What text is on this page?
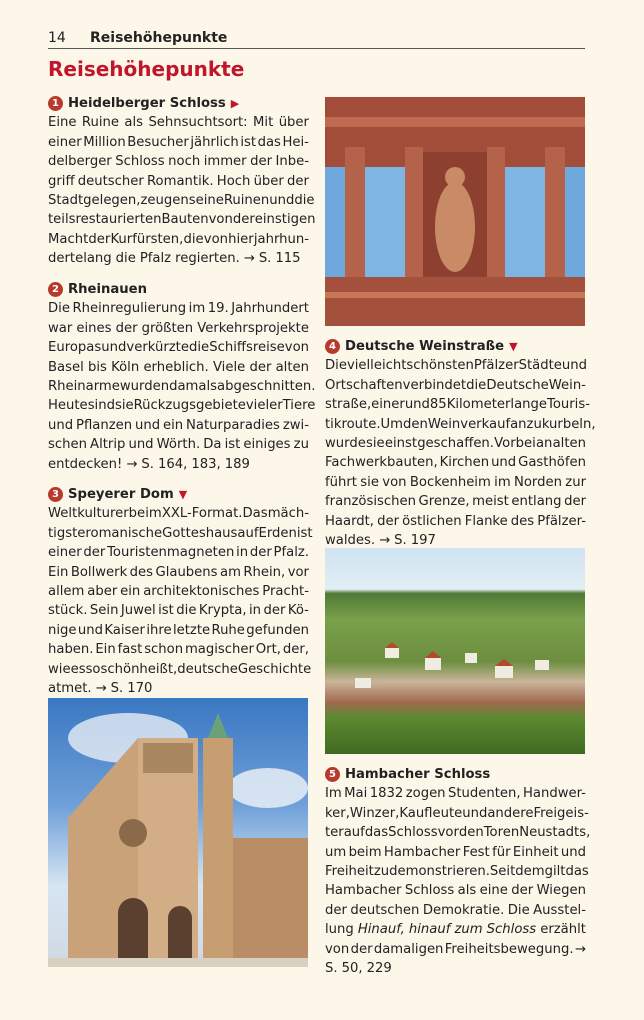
14 Reisehöhepunkte
Reisehöhepunkte
1 Heidelberger Schloss ▶
Eine Ruine als Sehnsuchtsort: Mit über
einer Million Besucher jährlich ist das Hei-
delberger Schloss noch immer der Inbe-
griff deutscher Romantik. Hoch über der
Stadt gelegen, zeugen seine Ruinen und die
teils restaurierten Bauten von der einstigen
Macht der Kurfürsten, die von hier jahrhun-
dertelang die Pfalz regierten. → S. 115
2 Rheinauen
Die Rheinregulierung im 19. Jahrhundert
war eines der größten Verkehrsprojekte
Europas und verkürzte die Schiffsreise von
Basel bis Köln erheblich. Viele der alten
Rheinarme wurden damals abgeschnitten.
Heute sind sie Rückzugsgebiete vieler Tiere
und Pflanzen und ein Naturparadies zwi-
schen Altrip und Wörth. Da ist einiges zu
entdecken! → S. 164, 183, 189
3 Speyerer Dom ▼
Weltkulturerbe im XXL-Format. Das mäch-
tigste romanische Gotteshaus auf Erden ist
einer der Touristenmagneten in der Pfalz.
Ein Bollwerk des Glaubens am Rhein, vor
allem aber ein architektonisches Pracht-
stück. Sein Juwel ist die Krypta, in der Kö-
nige und Kaiser ihre letzte Ruhe gefunden
haben. Ein fast schon magischer Ort, der,
wie es so schön heißt, deutsche Geschichte
atmet. → S. 170
4 Deutsche Weinstraße ▼
Die vielleicht schönsten Pfälzer Städte und
Ortschaften verbindet die Deutsche Wein-
straße, eine rund 85 Kilometer lange Touris-
tikroute. Um den Weinverkauf anzukurbeln,
wurde sie einst geschaffen. Vorbei an alten
Fachwerkbauten, Kirchen und Gasthöfen
führt sie von Bockenheim im Norden zur
französischen Grenze, meist entlang der
Haardt, der östlichen Flanke des Pfälzer-
waldes. → S. 197
5 Hambacher Schloss
Im Mai 1832 zogen Studenten, Handwer-
ker, Winzer, Kaufleute und andere Freigeis-
ter auf das Schloss vor den Toren Neustadts,
um beim Hambacher Fest für Einheit und
Freiheit zu demonstrieren. Seitdem gilt das
Hambacher Schloss als eine der Wiegen
der deutschen Demokratie. Die Ausstel-
lung Hinauf, hinauf zum Schloss erzählt
von der damaligen Freiheitsbewegung. →
S. 50, 229
